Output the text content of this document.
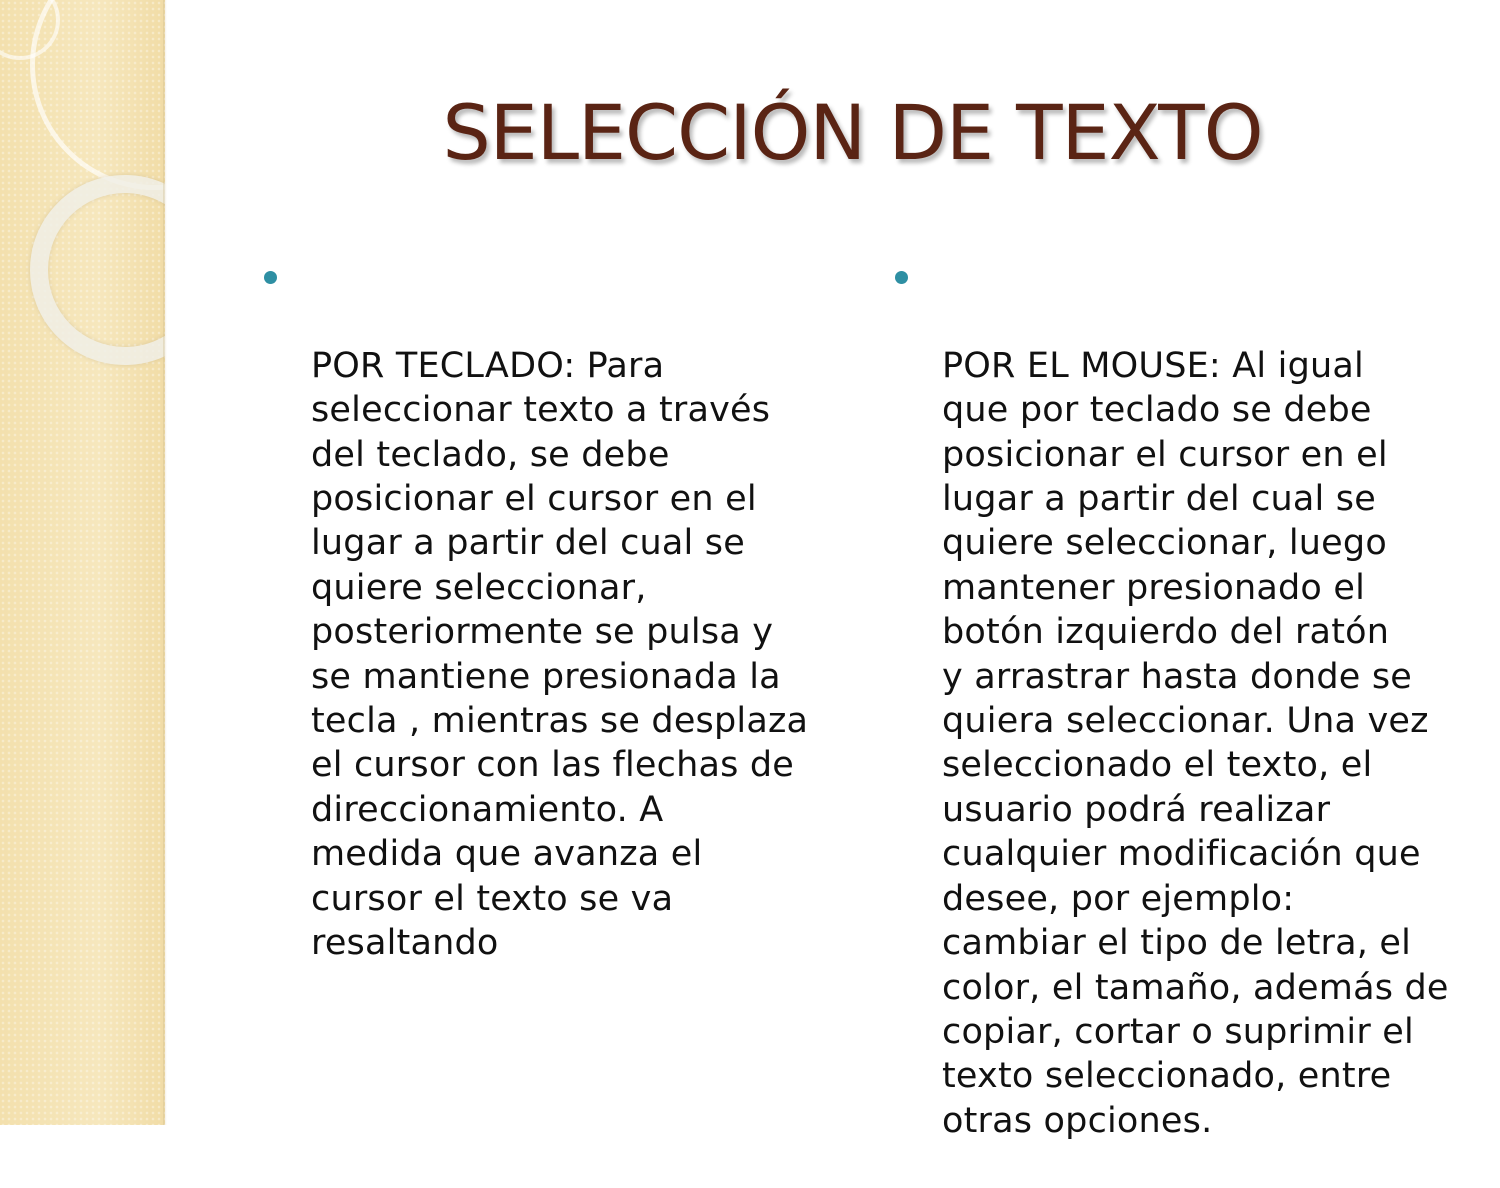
SELECCIÓN DE TEXTO

POR TECLADO: Para
seleccionar texto a través
del teclado, se debe
posicionar el cursor en el
lugar a partir del cual se
quiere seleccionar,
posteriormente se pulsa y
se mantiene presionada la
tecla , mientras se desplaza
el cursor con las flechas de
direccionamiento. A
medida que avanza el
cursor el texto se va
resaltando

POR EL MOUSE: Al igual
que por teclado se debe
posicionar el cursor en el
lugar a partir del cual se
quiere seleccionar, luego
mantener presionado el
botón izquierdo del ratón
y arrastrar hasta donde se
quiera seleccionar. Una vez
seleccionado el texto, el
usuario podrá realizar
cualquier modificación que
desee, por ejemplo:
cambiar el tipo de letra, el
color, el tamaño, además de
copiar, cortar o suprimir el
texto seleccionado, entre
otras opciones.
